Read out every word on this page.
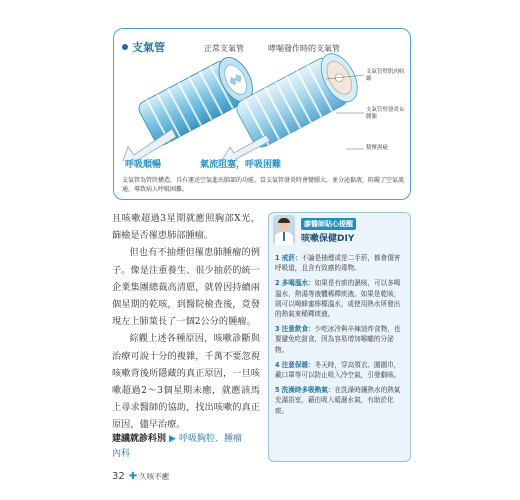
支氣管	正常支氣管	哮喘發作時的支氣管
支氣管壁肌肉收縮
支氣管壁發炎＆腫脹
積聚濕疵
呼吸順暢	氣流阻塞，呼吸困難

支氣管為管狀構造，具有運送空氣進出肺部的功能。當支氣管發炎時會變腫大，並分泌黏液，阻礙了空氣流通，導致病人呼吸困難。

且咳嗽超過3星期就應照胸部X光，篩檢是否罹患肺部腫瘤。

但也有不抽煙但罹患肺腫瘤的例子。像是注重養生、很少抽菸的統一企業集團總裁高清愿，就曾因持續兩個星期的乾咳，到醫院檢查後，竟發現左上肺葉長了一個2公分的腫瘤。

綜觀上述各種原因，咳嗽診斷與治療可說十分的複雜，千萬不要忽視咳嗽背後所隱藏的真正原因，一旦咳嗽超過2～3個星期未癒，就應該馬上尋求醫師的協助，找出咳嗽的真正原因，儘早治療。

建議就診科別 ▶ 呼吸胸腔、腫瘤
內科
32 ✚ 久咳不癒
廖醫師貼心提醒
咳嗽保健DIY
1 戒菸：不論是抽煙或是二手菸，都會傷害呼吸道，且含有致癌的毒物。
2 多喝溫水：如果是有痰的濕咳，可以多喝溫水，熱湯等液體稀釋痰液。如果是乾咳，則可以喝蜂蜜檸檬溫水，或使用熱水所發出的熱氣來稀釋痰液。
3 注意飲食：少吃冰冷與辛辣油炸食物，也要避免吃甜食，因為容易增加喉嚨的分泌物。
4 注意保暖：冬天時，穿高領衣、圍圍巾，戴口罩等可以防止吸入冷空氣，引發劇咳。
5 洗澡時多吸熱氣：在洗澡時讓熱水的熱氣充滿浴室，藉由吸入暖濕水氣，有助於化痰。
